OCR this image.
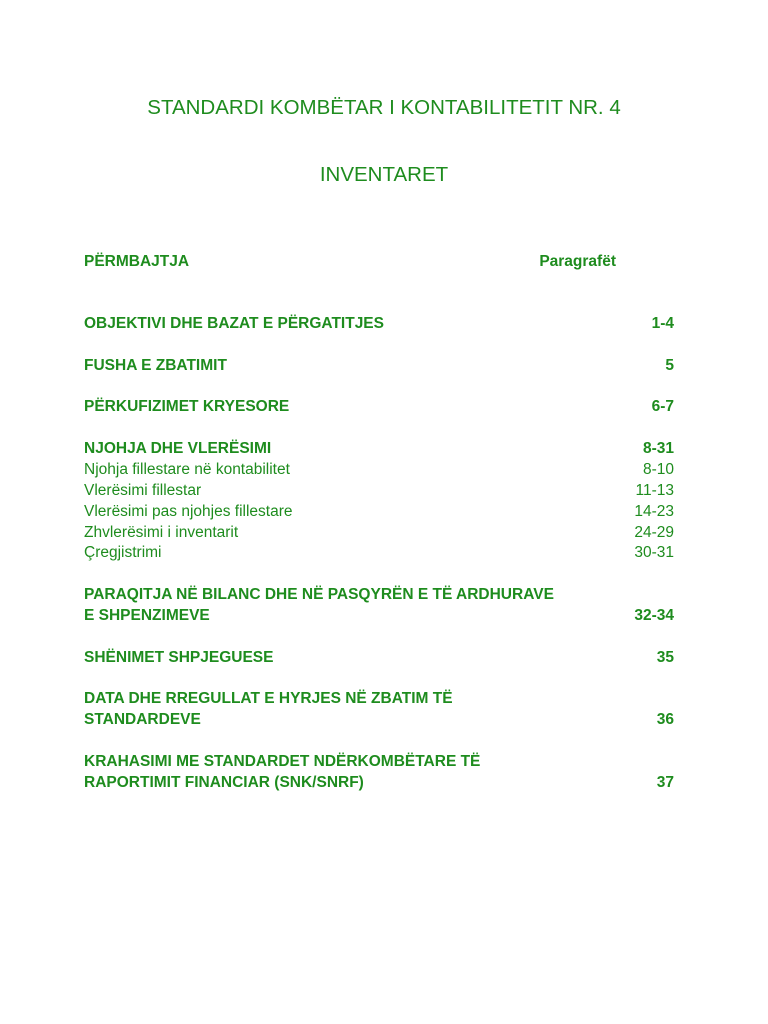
STANDARDI KOMBËTAR I KONTABILITETIT NR. 4
INVENTARET
PËRMBAJTJA	Paragrafët
OBJEKTIVI DHE BAZAT E PËRGATITJES	1-4
FUSHA E ZBATIMIT	5
PËRKUFIZIMET KRYESORE	6-7
NJOHJA DHE VLERËSIMI	8-31
Njohja fillestare në kontabilitet	8-10
Vlerësimi fillestar	11-13
Vlerësimi pas njohjes fillestare	14-23
Zhvlerësimi i inventarit	24-29
Çregjistrimi	30-31
PARAQITJA NË BILANC DHE NË PASQYRËN E TË ARDHURAVE
E SHPENZIMEVE	32-34
SHËNIMET SHPJEGUESE	35
DATA DHE RREGULLAT E HYRJES NË ZBATIM TË
STANDARDEVE	36
KRAHASIMI ME STANDARDET NDËRKOMBËTARE TË
RAPORTIMIT FINANCIAR (SNK/SNRF)	37
